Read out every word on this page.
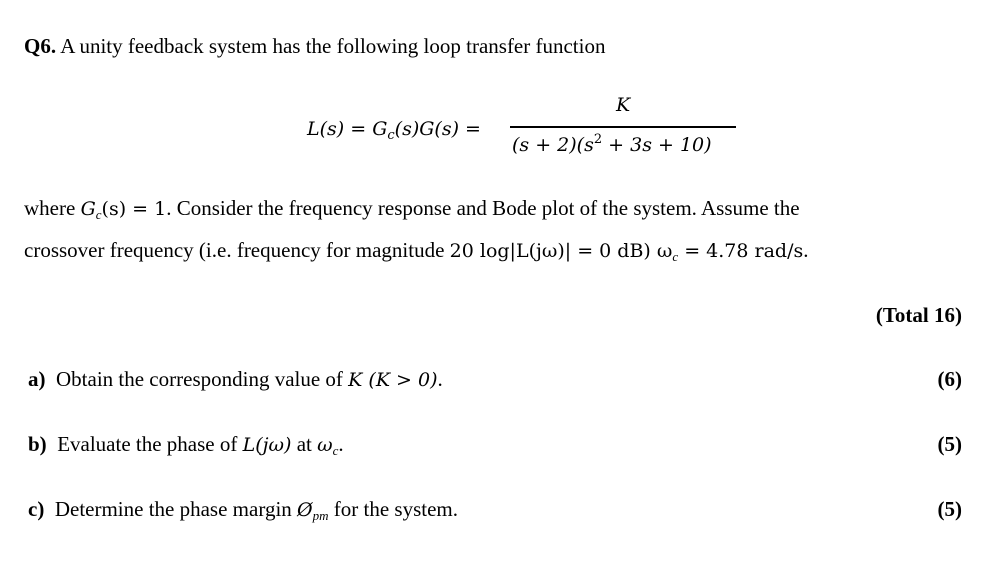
Q6. A unity feedback system has the following loop transfer function
$L(s) = G_c(s)G(s)$ =
K
$(s + 2)(s^2 + 3s + 10)$
where $G_c(s) = 1$. Consider the frequency response and Bode plot of the system. Assume the
crossover frequency (i.e. frequency for magnitude 20 log|L(jω)| = 0 dB) $\omega_c = 4.78$ rad/s.
(Total 16)
a) Obtain the corresponding value of K (K > 0).	(6)
b) Evaluate the phase of L(jω) at $\omega_c$.	(5)
c) Determine the phase margin $Ø_{pm}$ for the system.	(5)
